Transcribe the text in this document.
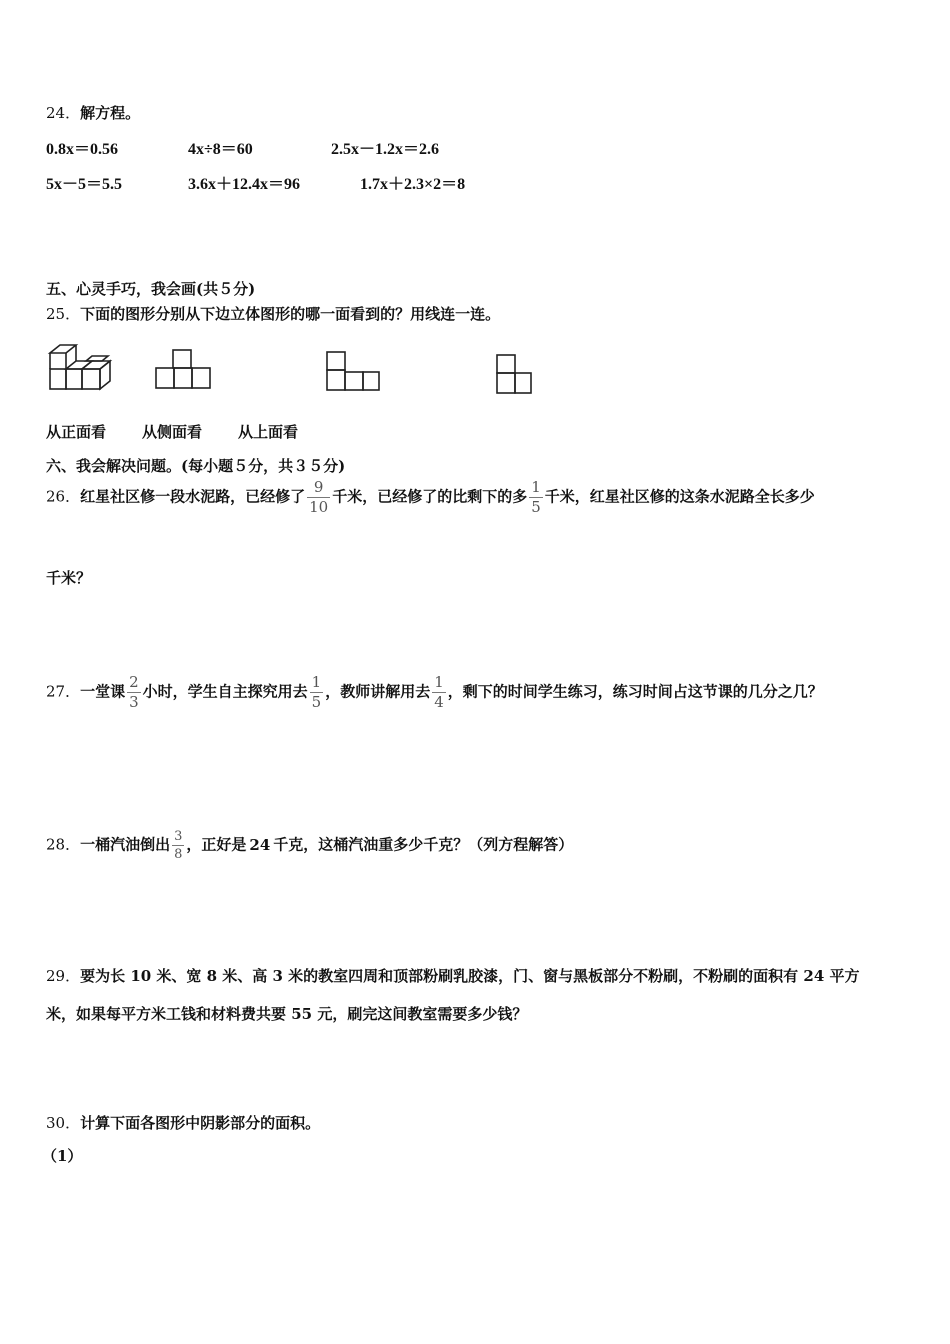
24．解方程。
0.8x＝0.56	4x÷8＝60	2.5x－1.2x＝2.6
5x－5＝5.5	3.6x＋12.4x＝96	1.7x＋2.3×2＝8
五、心灵手巧，我会画(共５分)
25．下面的图形分别从下边立体图形的哪一面看到的？用线连一连。
从正面看 从侧面看 从上面看
六、我会解决问题。(每小题５分，共３５分)
26．红星社区修一段水泥路，已经修了 $\frac{9}{10}$ 千米，已经修了的比剩下的多 $\frac{1}{5}$ 千米，红星社区修的这条水泥路全长多少
千米？
27．一堂课 $\frac{2}{3}$ 小时，学生自主探究用去 $\frac{1}{5}$ ，教师讲解用去 $\frac{1}{4}$ ，剩下的时间学生练习，练习时间占这节课的几分之几？
28．一桶汽油倒出 $\frac{3}{8}$ ，正好是 24 千克，这桶汽油重多少千克？（列方程解答）
29．要为长 10 米、宽 8 米、高 3 米的教室四周和顶部粉刷乳胶漆，门、窗与黑板部分不粉刷，不粉刷的面积有 24 平方
米，如果每平方米工钱和材料费共要 55 元，刷完这间教室需要多少钱？
30．计算下面各图形中阴影部分的面积。
（1）
